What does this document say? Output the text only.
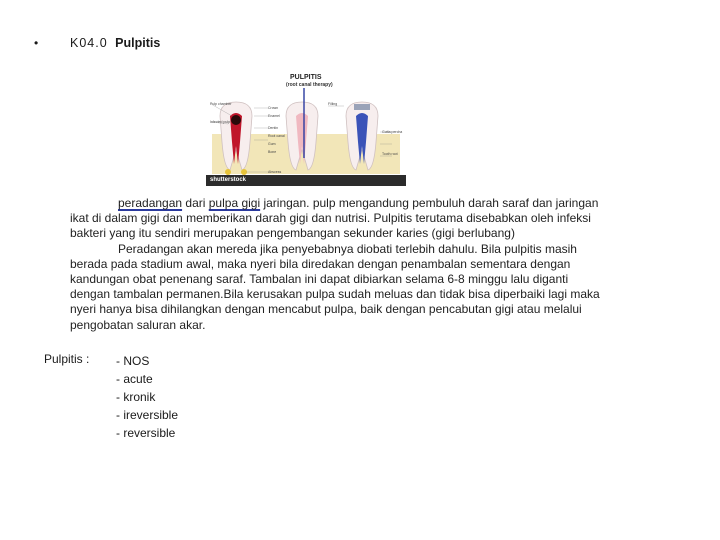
•	K04.0 Pulpitis
PULPITIS
(root canal therapy)
Pulp chamber
Infected pulp
Crown
Enamel
Dentin
Root canal
Gum
Bone
Abscess
Filling
Gutta percha
Tooth root
shutterstock

peradangan dari pulpa gigi jaringan. pulp mengandung pembuluh darah saraf dan jaringan

ikat di dalam gigi dan memberikan darah gigi dan nutrisi. Pulpitis terutama disebabkan oleh infeksi

bakteri yang itu sendiri merupakan pengembangan sekunder karies (gigi berlubang)

Peradangan akan mereda jika penyebabnya diobati terlebih dahulu. Bila pulpitis masih

berada pada stadium awal, maka nyeri bila diredakan dengan penambalan sementara dengan

kandungan obat penenang saraf. Tambalan ini dapat dibiarkan selama 6-8 minggu lalu diganti

dengan tambalan permanen.Bila kerusakan pulpa sudah meluas dan tidak bisa diperbaiki lagi maka

nyeri hanya bisa dihilangkan dengan mencabut pulpa, baik dengan pencabutan gigi atau melalui

pengobatan saluran akar.

Pulpitis : - NOS
- acute
- kronik
- ireversible
- reversible
